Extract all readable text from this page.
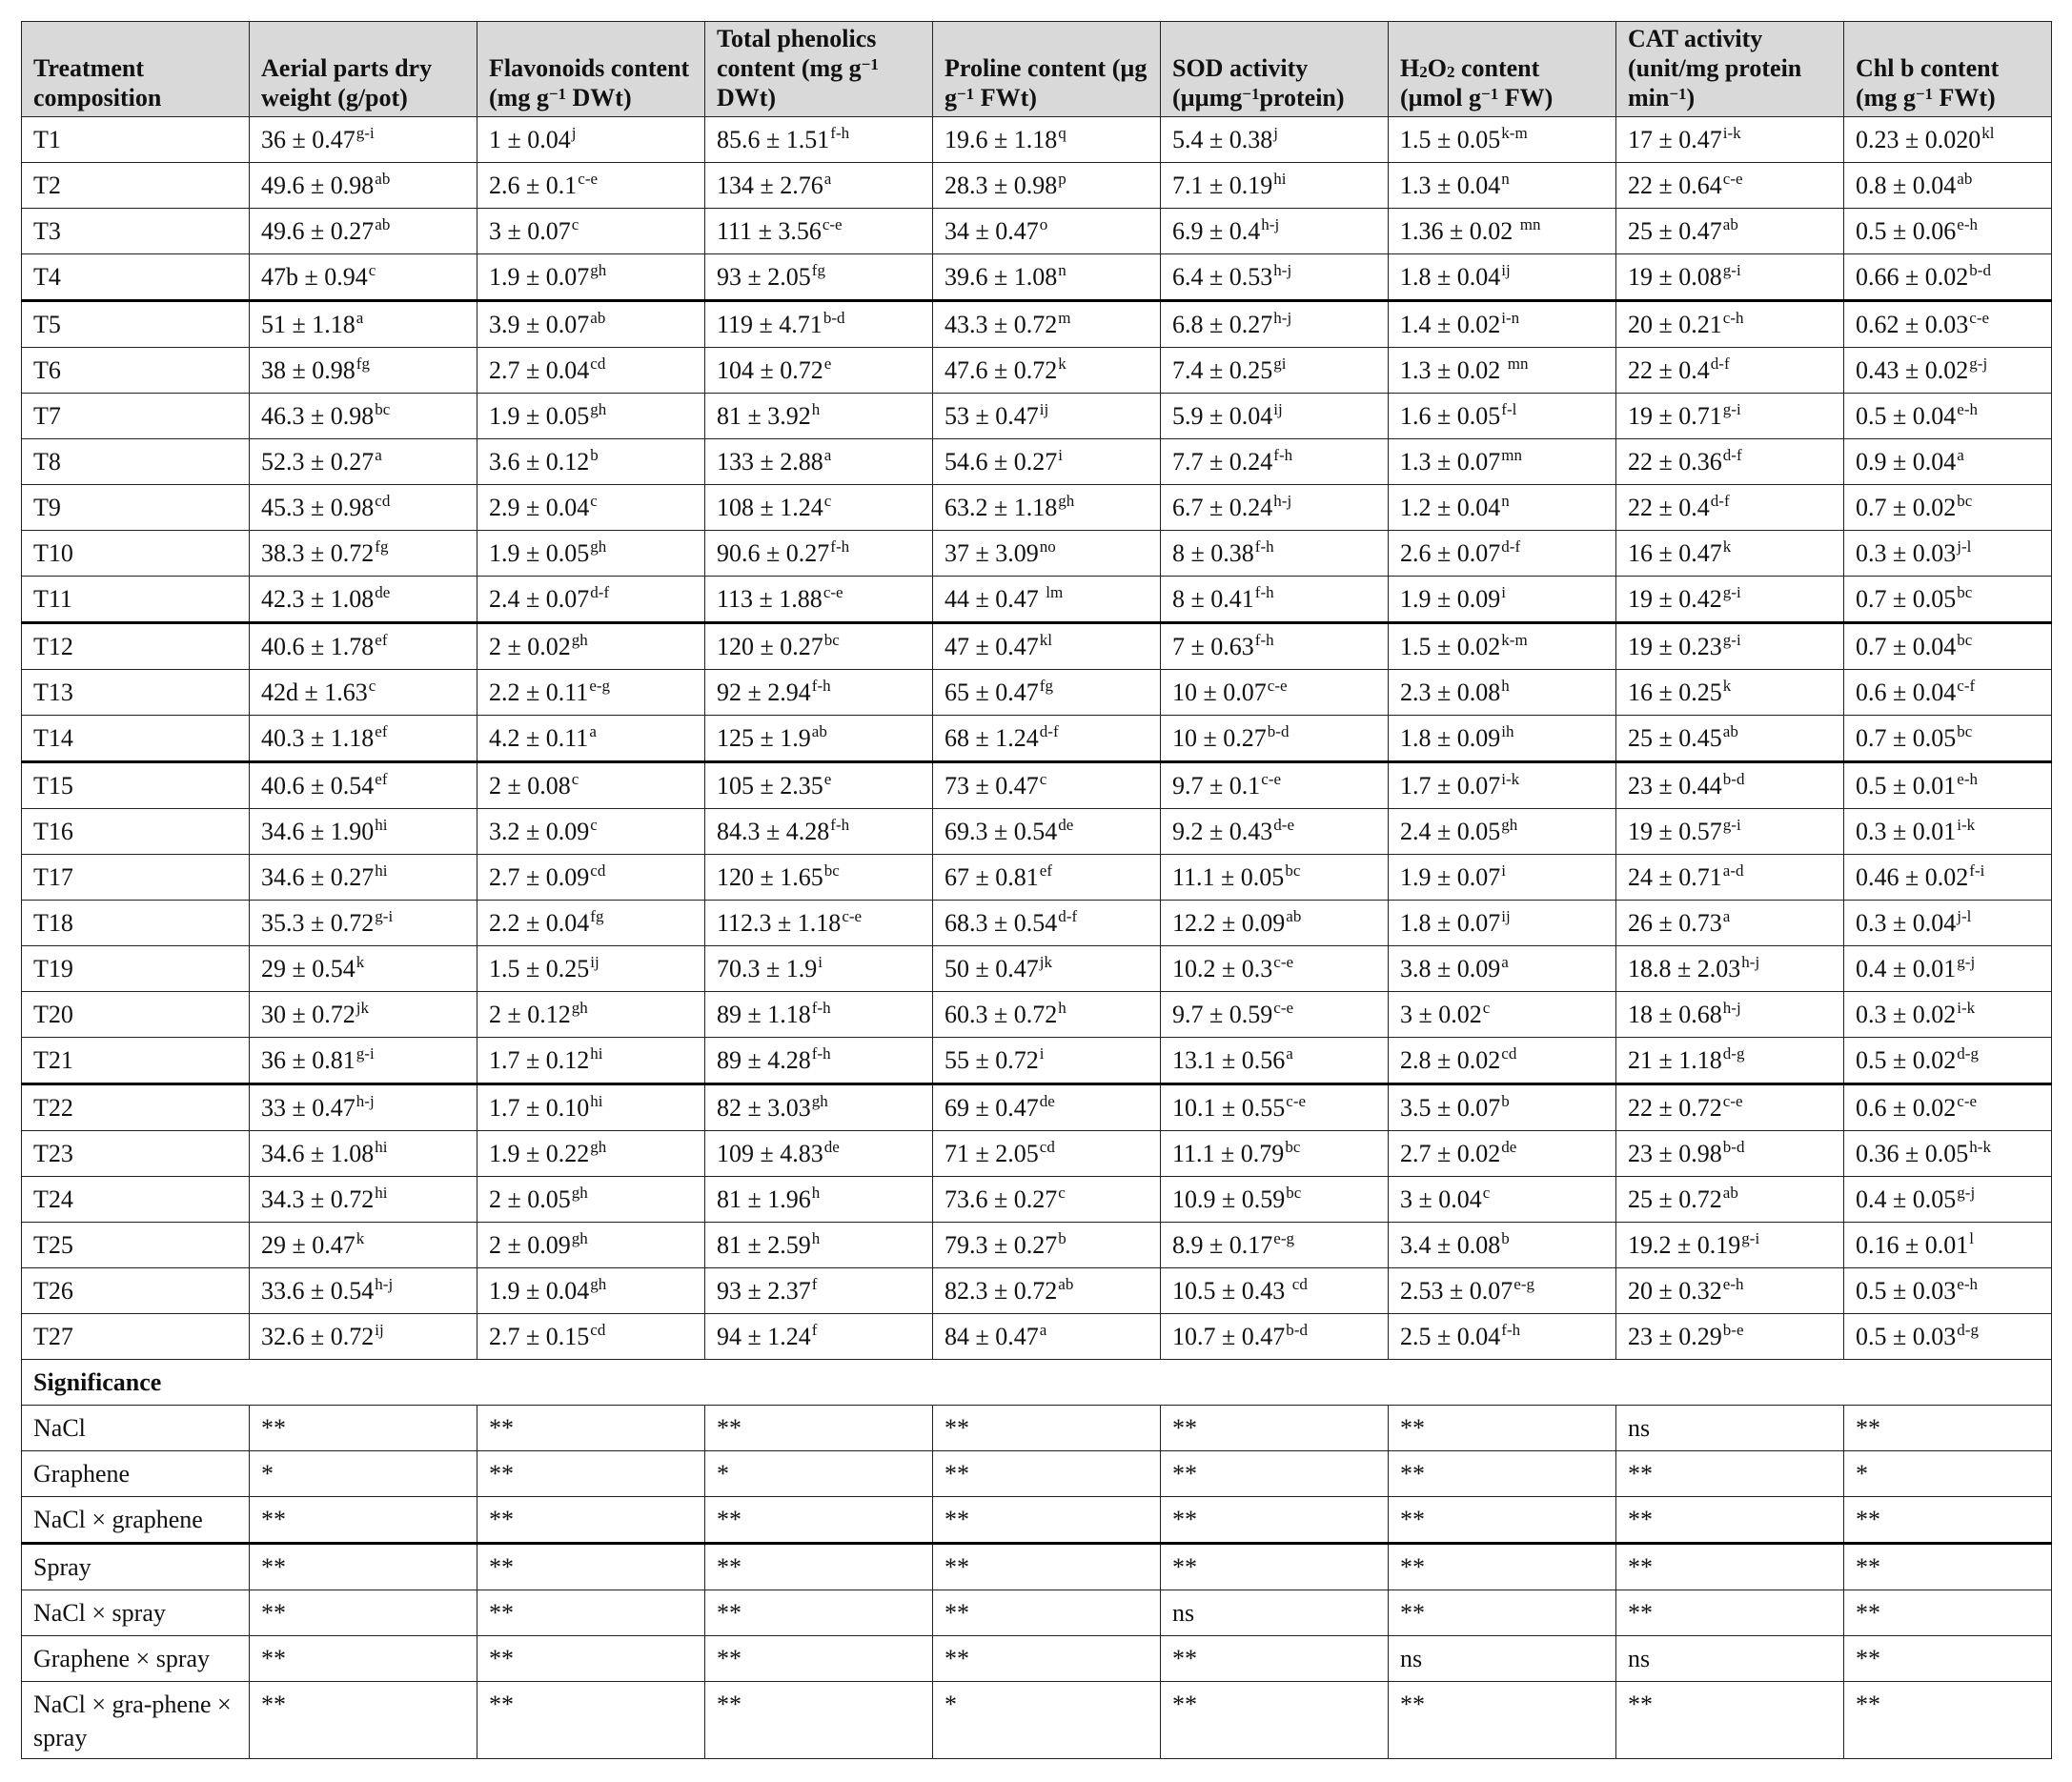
Treatment composition	Aerial parts dry weight (g/pot)	Flavonoids content (mg $g^{-1}$ DWt)	Total phenolics content (mg $g^{-1}$ DWt)	Proline content (µg $g^{-1}$ FWt)	SOD activity (µµmg$^{-1}$protein)	H2O2 content (µmol $g^{-1}$ FW)	CAT activity (unit/mg protein $\min^{-1}$)	Chl b content (mg $g^{-1}$ FWt)
T1	$36 \pm 0.47^{g-i}$	$1 \pm 0.04^j$	$85.6 \pm 1.51^{f-h}$	$19.6 \pm 1.18^q$	$5.4 \pm 0.38^j$	$1.5 \pm 0.05^{k-m}$	$17 \pm 0.47^{i-k}$	$0.23 \pm 0.020^{kl}$
T2	49.6 ± 0.98$^{ab}$	$2.6 \pm 0.1^{c-e}$	134 ± 2.76$^a$	$28.3 \pm 0.98^p$	$7.1 \pm 0.19^{hi}$	$1.3 \pm 0.04^n$	$22 \pm 0.64^{c-e}$	0.8 ± 0.04$^{ab}$
T3	49.6 ± 0.27$^{ab}$	3 ± 0.07$^c$	$111 \pm 3.56^{c-e}$	$34 \pm 0.47^o$	$6.9 \pm 0.4^{h-j}$	1.36 ± 0.02 $^{mn}$	25 ± 0.47$^{ab}$	$0.5 \pm 0.06^{e-h}$
T4	47b ± 0.94$^c$	1.9 ± 0.07$^{gh}$	93 ± 2.05$^{fg}$	$39.6 \pm 1.08^n$	$6.4 \pm 0.53^{h-j}$	$1.8 \pm 0.04^{ij}$	$19 \pm 0.08^{g-i}$	$0.66 \pm 0.02^{b-d}$
T5	51 ± 1.18$^a$	3.9 ± 0.07$^{ab}$	$119 \pm 4.71^{b-d}$	$43.3 \pm 0.72^m$	$6.8 \pm 0.27^{h-j}$	$1.4 \pm 0.02^{i-n}$	$20 \pm 0.21^{c-h}$	$0.62 \pm 0.03^{c-e}$
T6	38 ± 0.98$^{fg}$	2.7 ± 0.04$^{cd}$	104 ± 0.72$^e$	$47.6 \pm 0.72^k$	$7.4 \pm 0.25^{gi}$	1.3 ± 0.02 $^{mn}$	$22 \pm 0.4^{d-f}$	$0.43 \pm 0.02^{g-j}$
T7	46.3 ± 0.98$^{bc}$	1.9 ± 0.05$^{gh}$	81 ± 3.92$^h$	$53 \pm 0.47^{ij}$	$5.9 \pm 0.04^{ij}$	$1.6 \pm 0.05^{f-l}$	$19 \pm 0.71^{g-i}$	$0.5 \pm 0.04^{e-h}$
T8	52.3 ± 0.27$^a$	3.6 ± 0.12$^b$	133 ± 2.88$^a$	$54.6 \pm 0.27^i$	$7.7 \pm 0.24^{f-h}$	$1.3 \pm 0.07^{mn}$	$22 \pm 0.36^{d-f}$	0.9 ± 0.04$^a$
T9	45.3 ± 0.98$^{cd}$	2.9 ± 0.04$^c$	108 ± 1.24$^c$	63.2 ± 1.18$^{gh}$	$6.7 \pm 0.24^{h-j}$	$1.2 \pm 0.04^n$	$22 \pm 0.4^{d-f}$	0.7 ± 0.02$^{bc}$
T10	38.3 ± 0.72$^{fg}$	1.9 ± 0.05$^{gh}$	$90.6 \pm 0.27^{f-h}$	$37 \pm 3.09^{no}$	$8 \pm 0.38^{f-h}$	$2.6 \pm 0.07^{d-f}$	$16 \pm 0.47^k$	$0.3 \pm 0.03^{j-l}$
T11	42.3 ± 1.08de	$2.4 \pm 0.07^{d-f}$	$113 \pm 1.88^{c-e}$	44 ± 0.47 $^{lm}$	$8 \pm 0.41^{f-h}$	$1.9 \pm 0.09^i$	$19 \pm 0.42^{g-i}$	0.7 ± 0.05$^{bc}$
T12	40.6 ± 1.78$^{ef}$	2 ± 0.02$^{gh}$	120 ± 0.27$^{bc}$	$47 \pm 0.47^{kl}$	$7 \pm 0.63^{f-h}$	$1.5 \pm 0.02^{k-m}$	$19 \pm 0.23^{g-i}$	0.7 ± 0.04$^{bc}$
T13	42d ± 1.63$^c$	$2.2 \pm 0.11^{e-g}$	$92 \pm 2.94^{f-h}$	65 ± 0.47$^{fg}$	$10 \pm 0.07^{c-e}$	2.3 ± 0.08$^h$	$16 \pm 0.25^k$	$0.6 \pm 0.04^{c-f}$
T14	40.3 ± 1.18$^{ef}$	4.2 ± 0.11$^a$	125 ± 1.9$^{ab}$	$68 \pm 1.24^{d-f}$	$10 \pm 0.27^{b-d}$	$1.8 \pm 0.09^{ih}$	25 ± 0.45$^{ab}$	0.7 ± 0.05$^{bc}$
T15	40.6 ± 0.54$^{ef}$	2 ± 0.08$^c$	105 ± 2.35$^e$	73 ± 0.47$^c$	$9.7 \pm 0.1^{c-e}$	$1.7 \pm 0.07^{i-k}$	$23 \pm 0.44^{b-d}$	$0.5 \pm 0.01^{e-h}$
T16	$34.6 \pm 1.90^{hi}$	3.2 ± 0.09$^c$	$84.3 \pm 4.28^{f-h}$	69.3 ± 0.54de	$9.2 \pm 0.43^{d-e}$	2.4 ± 0.05$^{gh}$	$19 \pm 0.57^{g-i}$	$0.3 \pm 0.01^{i-k}$
T17	$34.6 \pm 0.27^{hi}$	2.7 ± 0.09$^{cd}$	120 ± 1.65$^{bc}$	67 ± 0.81$^{ef}$	11.1 ± 0.05$^{bc}$	$1.9 \pm 0.07^i$	$24 \pm 0.71^{a-d}$	$0.46 \pm 0.02^{f-i}$
T18	$35.3 \pm 0.72^{g-i}$	2.2 ± 0.04$^{fg}$	$112.3 \pm 1.18^{c-e}$	$68.3 \pm 0.54^{d-f}$	12.2 ± 0.09$^{ab}$	$1.8 \pm 0.07^{ij}$	26 ± 0.73$^a$	$0.3 \pm 0.04^{j-l}$
T19	$29 \pm 0.54^k$	$1.5 \pm 0.25^{ij}$	$70.3 \pm 1.9^i$	$50 \pm 0.47^{jk}$	$10.2 \pm 0.3^{c-e}$	3.8 ± 0.09$^a$	$18.8 \pm 2.03^{h-j}$	$0.4 \pm 0.01^{g-j}$
T20	$30 \pm 0.72^{jk}$	2 ± 0.12$^{gh}$	$89 \pm 1.18^{f-h}$	60.3 ± 0.72$^h$	$9.7 \pm 0.59^{c-e}$	3 ± 0.02$^c$	$18 \pm 0.68^{h-j}$	$0.3 \pm 0.02^{i-k}$
T21	$36 \pm 0.81^{g-i}$	$1.7 \pm 0.12^{hi}$	$89 \pm 4.28^{f-h}$	$55 \pm 0.72^i$	13.1 ± 0.56$^a$	2.8 ± 0.02$^{cd}$	$21 \pm 1.18^{d-g}$	$0.5 \pm 0.02^{d-g}$
T22	$33 \pm 0.47^{h-j}$	$1.7 \pm 0.10^{hi}$	82 ± 3.03$^{gh}$	69 ± 0.47de	$10.1 \pm 0.55^{c-e}$	3.5 ± 0.07$^b$	$22 \pm 0.72^{c-e}$	$0.6 \pm 0.02^{c-e}$
T23	$34.6 \pm 1.08^{hi}$	1.9 ± 0.22$^{gh}$	109 ± 4.83de	71 ± 2.05$^{cd}$	11.1 ± 0.79$^{bc}$	2.7 ± 0.02de	$23 \pm 0.98^{b-d}$	$0.36 \pm 0.05^{h-k}$
T24	$34.3 \pm 0.72^{hi}$	2 ± 0.05$^{gh}$	81 ± 1.96$^h$	73.6 ± 0.27$^c$	10.9 ± 0.59$^{bc}$	3 ± 0.04$^c$	25 ± 0.72$^{ab}$	$0.4 \pm 0.05^{g-j}$
T25	$29 \pm 0.47^k$	2 ± 0.09$^{gh}$	81 ± 2.59$^h$	79.3 ± 0.27$^b$	$8.9 \pm 0.17^{e-g}$	3.4 ± 0.08$^b$	$19.2 \pm 0.19^{g-i}$	$0.16 \pm 0.01^l$
T26	$33.6 \pm 0.54^{h-j}$	1.9 ± 0.04$^{gh}$	93 ± 2.37$^f$	82.3 ± 0.72$^{ab}$	10.5 ± 0.43 $^{cd}$	$2.53 \pm 0.07^{e-g}$	$20 \pm 0.32^{e-h}$	$0.5 \pm 0.03^{e-h}$
T27	$32.6 \pm 0.72^{ij}$	2.7 ± 0.15$^{cd}$	94 ± 1.24$^f$	84 ± 0.47$^a$	$10.7 \pm 0.47^{b-d}$	$2.5 \pm 0.04^{f-h}$	$23 \pm 0.29^{b-e}$	$0.5 \pm 0.03^{d-g}$
Significance								
NaCl	**	**	**	**	**	**	ns	**
Graphene	*	**	*	**	**	**	**	*
NaCl × graphene	**	**	**	**	**	**	**	**
Spray	**	**	**	**	**	**	**	**
NaCl × spray	**	**	**	**	ns	**	**	**
Graphene × spray	**	**	**	**	**	ns	ns	**
NaCl × gra-phene × spray	**	**	**	*	**	**	**	**
